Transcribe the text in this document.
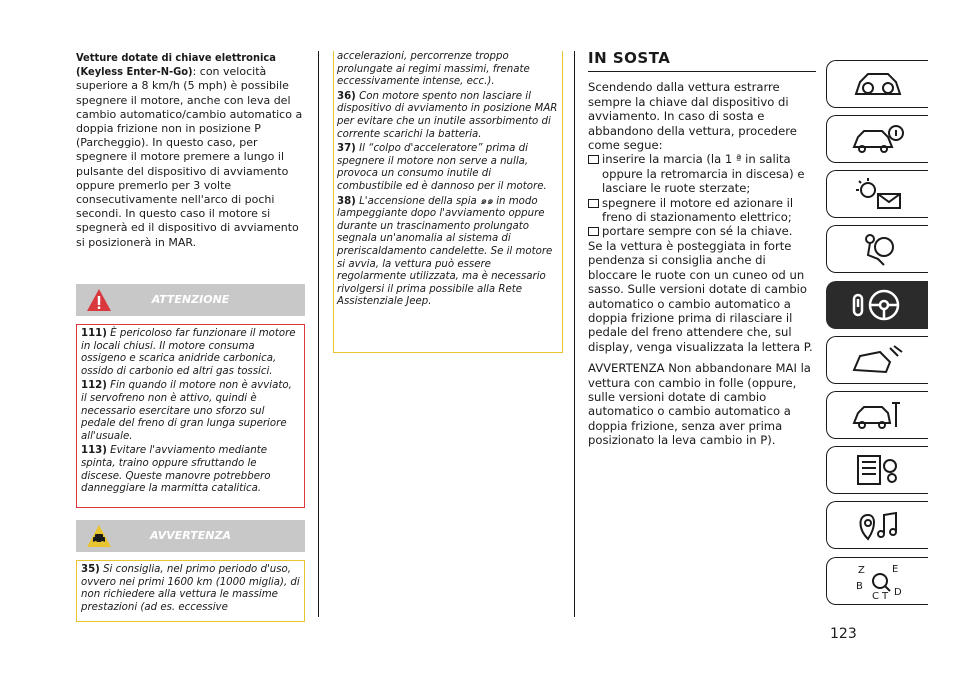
Vetture dotate di chiave elettronica (Keyless Enter-N-Go): con velocità superiore a 8 km/h (5 mph) è possibile spegnere il motore, anche con leva del cambio automatico/cambio automatico a doppia frizione non in posizione P (Parcheggio). In questo caso, per spegnere il motore premere a lungo il pulsante del dispositivo di avviamento oppure premerlo per 3 volte consecutivamente nell'arco di pochi secondi. In questo caso il motore si spegnerà ed il dispositivo di avviamento si posizionerà in MAR.

ATTENZIONE
111) È pericoloso far funzionare il motore in locali chiusi. Il motore consuma ossigeno e scarica anidride carbonica, ossido di carbonio ed altri gas tossici.
112) Fin quando il motore non è avviato, il servofreno non è attivo, quindi è necessario esercitare uno sforzo sul pedale del freno di gran lunga superiore all'usuale.
113) Evitare l'avviamento mediante spinta, traino oppure sfruttando le discese. Queste manovre potrebbero danneggiare la marmitta catalitica.
AVVERTENZA
35) Si consiglia, nel primo periodo d'uso, ovvero nei primi 1600 km (1000 miglia), di non richiedere alla vettura le massime prestazioni (ad es. eccessive
accelerazioni, percorrenze troppo prolungate ai regimi massimi, frenate eccessivamente intense, ecc.).
36) Con motore spento non lasciare il dispositivo di avviamento in posizione MAR per evitare che un inutile assorbimento di corrente scarichi la batteria.
37) Il “colpo d'acceleratore” prima di spegnere il motore non serve a nulla, provoca un consumo inutile di combustibile ed è dannoso per il motore.
38) L'accensione della spia ๑๑ in modo lampeggiante dopo l'avviamento oppure durante un trascinamento prolungato segnala un'anomalia al sistema di preriscaldamento candelette. Se il motore si avvia, la vettura può essere regolarmente utilizzata, ma è necessario rivolgersi il prima possibile alla Rete Assistenziale Jeep.
IN SOSTA
Scendendo dalla vettura estrarre sempre la chiave dal dispositivo di avviamento. In caso di sosta e abbandono della vettura, procedere come segue:
inserire la marcia (la 1 ª in salita oppure la retromarcia in discesa) e lasciare le ruote sterzate;
spegnere il motore ed azionare il freno di stazionamento elettrico;
portare sempre con sé la chiave.

Se la vettura è posteggiata in forte pendenza si consiglia anche di bloccare le ruote con un cuneo od un sasso. Sulle versioni dotate di cambio automatico o cambio automatico a doppia frizione prima di rilasciare il pedale del freno attendere che, sul display, venga visualizzata la lettera P.

AVVERTENZA Non abbandonare MAI la vettura con cambio in folle (oppure, sulle versioni dotate di cambio automatico o cambio automatico a doppia frizione, senza aver prima posizionato la leva cambio in P).

Z	E
B
C T D
123
